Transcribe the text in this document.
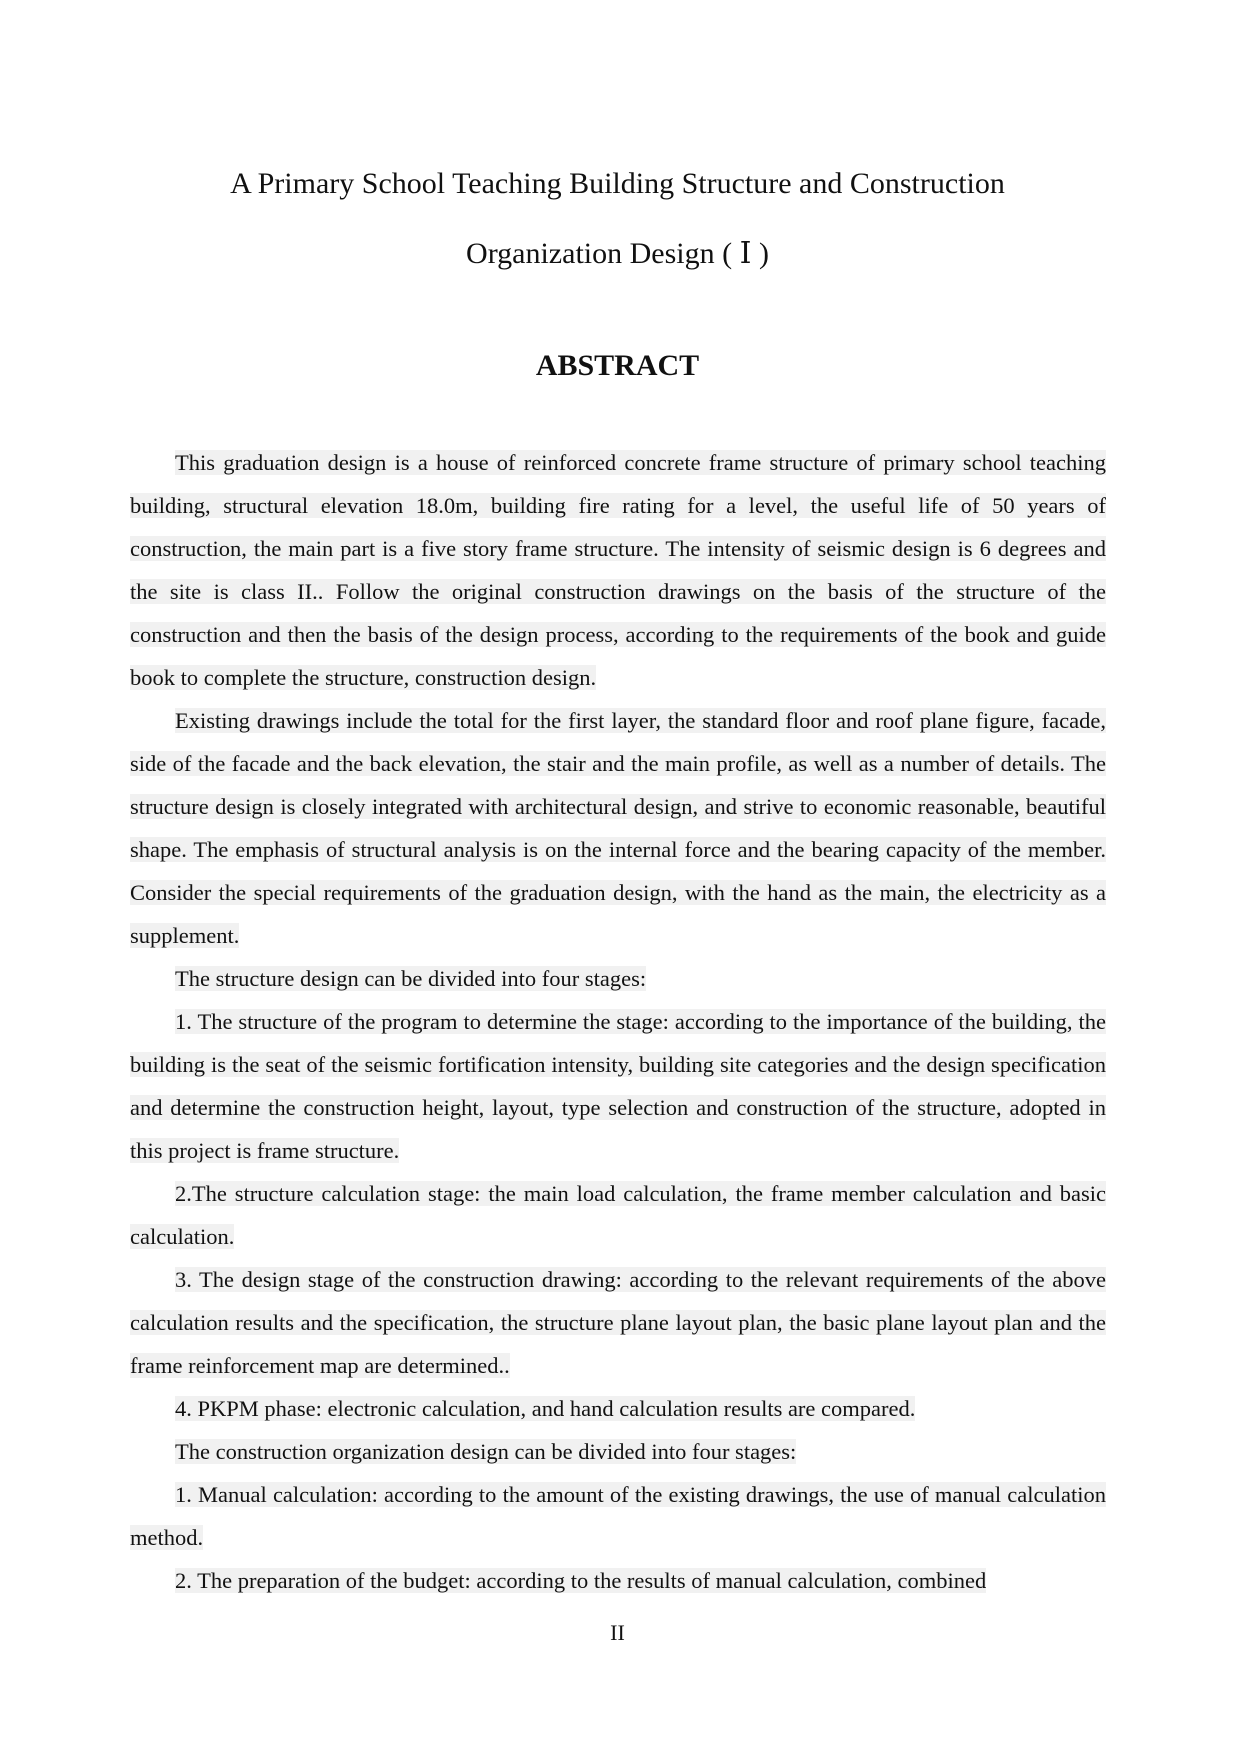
A Primary School Teaching Building Structure and Construction
Organization Design ( Ⅰ )
ABSTRACT

This graduation design is a house of reinforced concrete frame structure of primary school teaching building, structural elevation 18.0m, building fire rating for a level, the useful life of 50 years of construction, the main part is a five story frame structure. The intensity of seismic design is 6 degrees and the site is class II.. Follow the original construction drawings on the basis of the structure of the construction and then the basis of the design process, according to the requirements of the book and guide book to complete the structure, construction design.

Existing drawings include the total for the first layer, the standard floor and roof plane figure, facade, side of the facade and the back elevation, the stair and the main profile, as well as a number of details. The structure design is closely integrated with architectural design, and strive to economic reasonable, beautiful shape. The emphasis of structural analysis is on the internal force and the bearing capacity of the member. Consider the special requirements of the graduation design, with the hand as the main, the electricity as a supplement.

The structure design can be divided into four stages:

1. The structure of the program to determine the stage: according to the importance of the building, the building is the seat of the seismic fortification intensity, building site categories and the design specification and determine the construction height, layout, type selection and construction of the structure, adopted in this project is frame structure.

2.The structure calculation stage: the main load calculation, the frame member calculation and basic calculation.

3. The design stage of the construction drawing: according to the relevant requirements of the above calculation results and the specification, the structure plane layout plan, the basic plane layout plan and the frame reinforcement map are determined..

4. PKPM phase: electronic calculation, and hand calculation results are compared.

The construction organization design can be divided into four stages:

1. Manual calculation: according to the amount of the existing drawings, the use of manual calculation method.

2. The preparation of the budget: according to the results of manual calculation, combined

II
